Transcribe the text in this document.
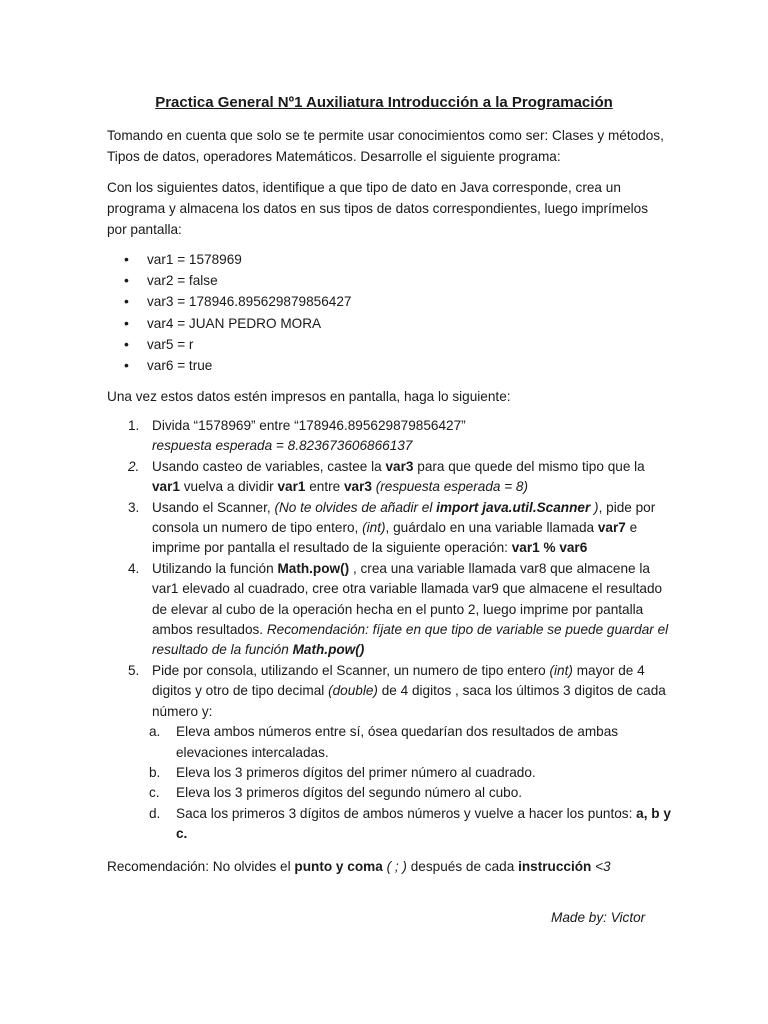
Practica General Nº1 Auxiliatura Introducción a la Programación
Tomando en cuenta que solo se te permite usar conocimientos como ser: Clases y métodos, Tipos de datos, operadores Matemáticos. Desarrolle el siguiente programa:
Con los siguientes datos, identifique a que tipo de dato en Java corresponde, crea un programa y almacena los datos en sus tipos de datos correspondientes, luego imprímelos por pantalla:
• var1 = 1578969
• var2 = false
• var3 = 178946.895629879856427
• var4 = JUAN PEDRO MORA
• var5 = r
• var6 = true
Una vez estos datos estén impresos en pantalla, haga lo siguiente:
1. Divida “1578969” entre “178946.895629879856427”
respuesta esperada = 8.823673606866137
2. Usando casteo de variables, castee la var3 para que quede del mismo tipo que la var1 vuelva a dividir var1 entre var3 (respuesta esperada = 8)
3. Usando el Scanner, (No te olvides de añadir el import java.util.Scanner ), pide por consola un numero de tipo entero, (int), guárdalo en una variable llamada var7 e imprime por pantalla el resultado de la siguiente operación: var1 % var6
4. Utilizando la función Math.pow() , crea una variable llamada var8 que almacene la var1 elevado al cuadrado, cree otra variable llamada var9 que almacene el resultado de elevar al cubo de la operación hecha en el punto 2, luego imprime por pantalla ambos resultados. Recomendación: fíjate en que tipo de variable se puede guardar el resultado de la función Math.pow()
5. Pide por consola, utilizando el Scanner, un numero de tipo entero (int) mayor de 4 digitos y otro de tipo decimal (double) de 4 digitos , saca los últimos 3 digitos de cada número y:
a. Eleva ambos números entre sí, ósea quedarían dos resultados de ambas elevaciones intercaladas.
b. Eleva los 3 primeros dígitos del primer número al cuadrado.
c. Eleva los 3 primeros dígitos del segundo número al cubo.
d. Saca los primeros 3 dígitos de ambos números y vuelve a hacer los puntos: a, b y c.
Recomendación: No olvides el punto y coma ( ; ) después de cada instrucción <3
Made by: Victor
